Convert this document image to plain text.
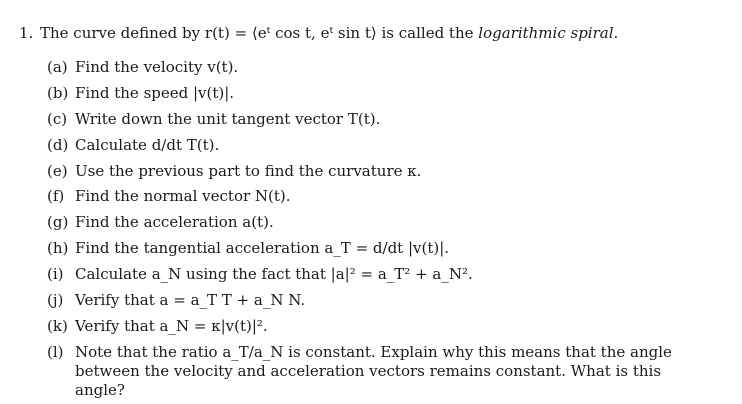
1. The curve defined by r(t) = ⟨eᵗ cos t, eᵗ sin t⟩ is called the logarithmic spiral.
(a) Find the velocity v(t).
(b) Find the speed |v(t)|.
(c) Write down the unit tangent vector T(t).
(d) Calculate d/dt T(t).
(e) Use the previous part to find the curvature κ.
(f) Find the normal vector N(t).
(g) Find the acceleration a(t).
(h) Find the tangential acceleration a_T = d/dt |v(t)|.
(i) Calculate a_N using the fact that |a|² = a_T² + a_N².
(j) Verify that a = a_T T + a_N N.
(k) Verify that a_N = κ|v(t)|².
(l) Note that the ratio a_T/a_N is constant. Explain why this means that the angle between the velocity and acceleration vectors remains constant. What is this angle?
